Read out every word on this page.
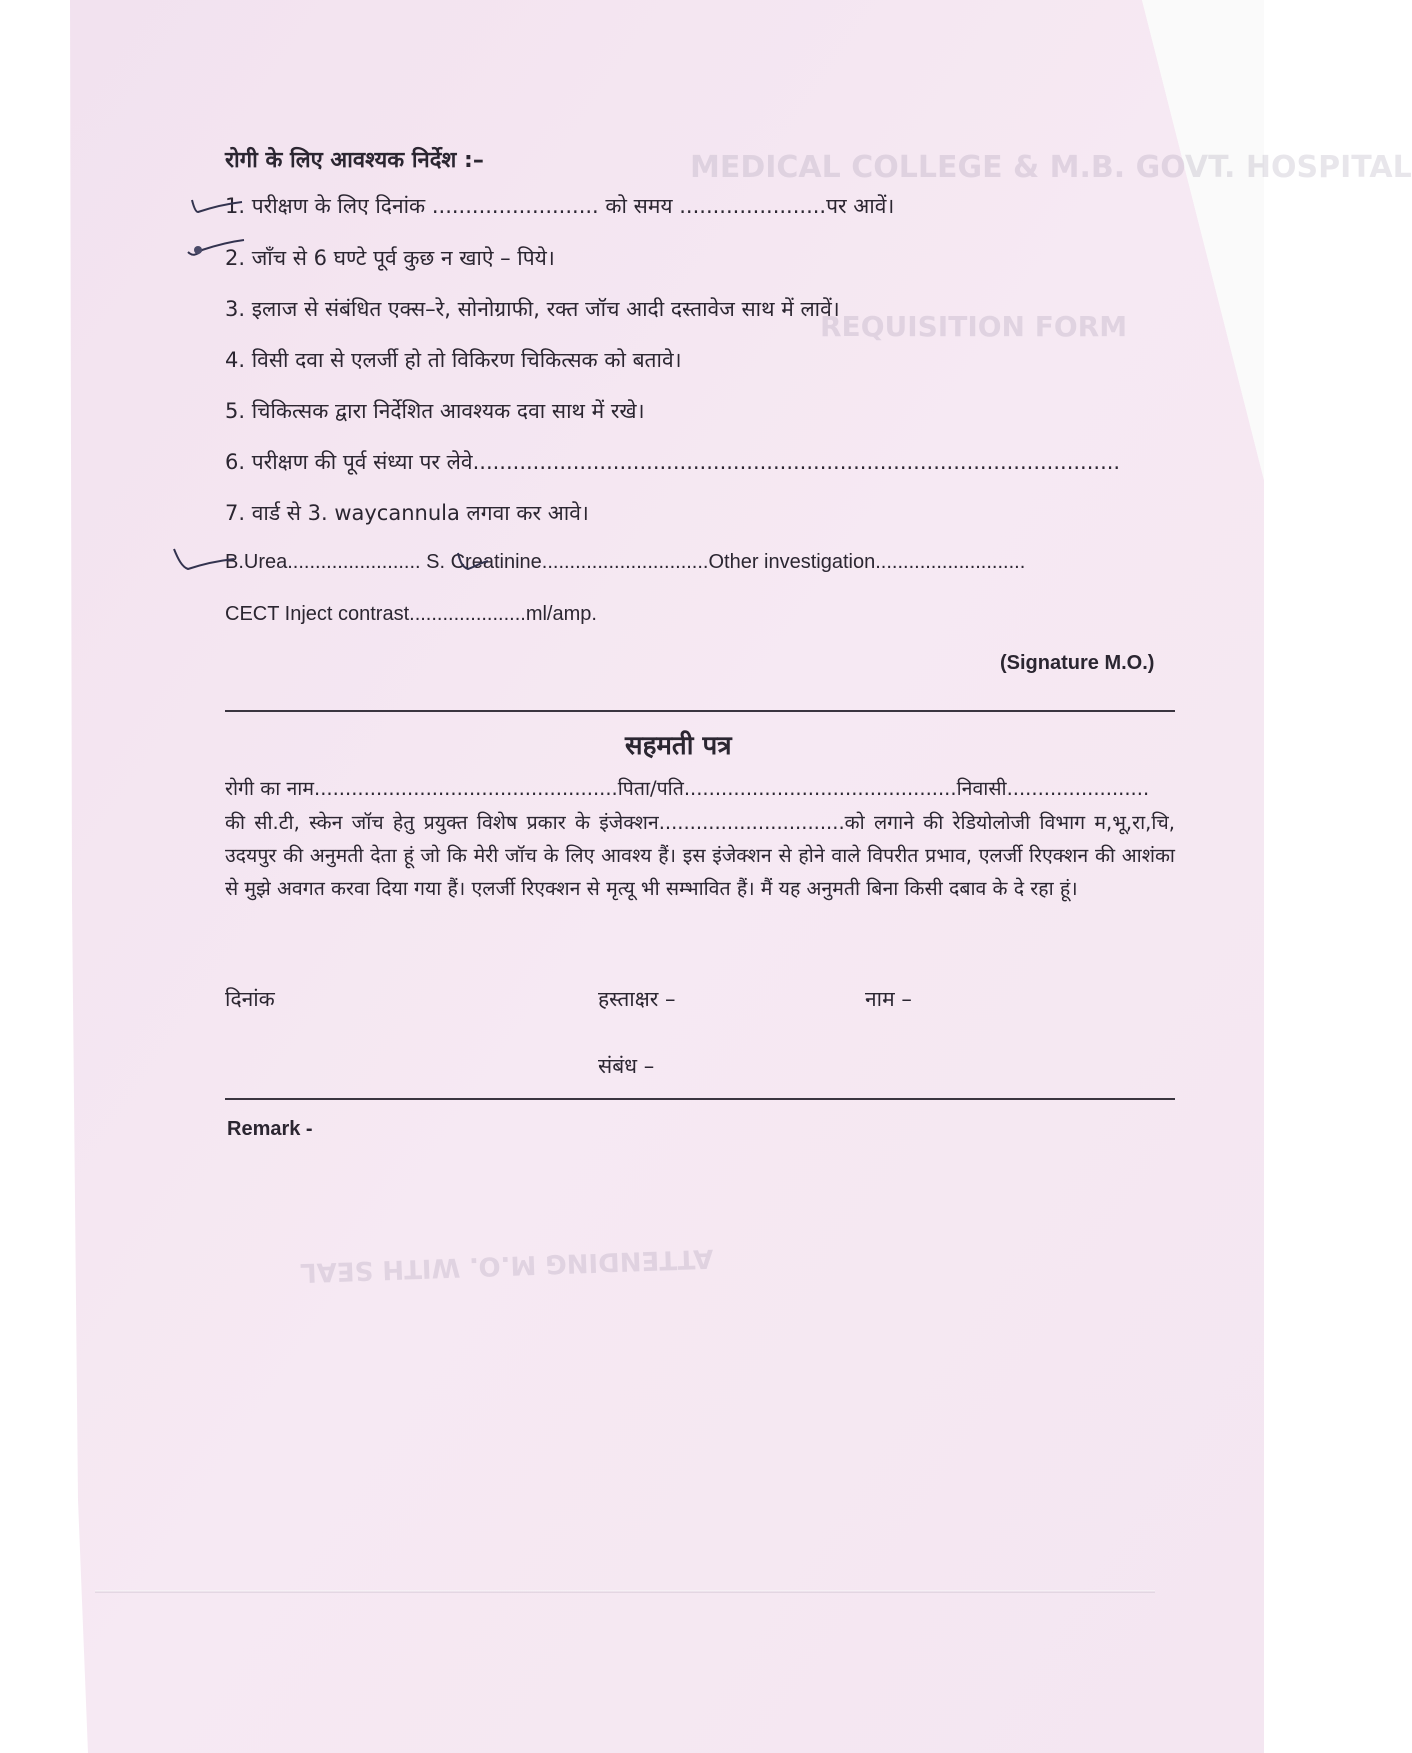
MEDICAL COLLEGE & M.B. GOVT. HOSPITAL
REQUISITION FORM
ATTENDING M.O. WITH SEAL
रोगी के लिए आवश्यक निर्देश :–
1. परीक्षण के लिए दिनांक ......................... को समय ......................पर आवें।
2. जाँच से 6 घण्टे पूर्व कुछ न खाऐ – पिये।
3. इलाज से संबंधित एक्स–रे, सोनोग्राफी, रक्त जॉच आदी दस्तावेज साथ में लावें।
4. विसी दवा से एलर्जी हो तो विकिरण चिकित्सक को बतावे।
5. चिकित्सक द्वारा निर्देशित आवश्यक दवा साथ में रखे।
6. परीक्षण की पूर्व संध्या पर लेवे.................................................................................................
7. वार्ड से 3. waycannula लगवा कर आवे।
B.Urea........................ S. Creatinine..............................Other investigation...........................
CECT Inject contrast.....................ml/amp.
(Signature M.O.)
सहमती पत्र
रोगी का नाम.................................................पिता/पति............................................निवासी.......................
की सी.टी, स्केन जॉच हेतु प्रयुक्त विशेष प्रकार के इंजेक्शन..............................को लगाने की रेडियोलोजी विभाग म,भू,रा,चि, उदयपुर की अनुमती देता हूं जो कि मेरी जॉच के लिए आवश्य हैं। इस इंजेक्शन से होने वाले विपरीत प्रभाव, एलर्जी रिएक्शन की आशंका से मुझे अवगत करवा दिया गया हैं। एलर्जी रिएक्शन से मृत्यू भी सम्भावित हैं। मैं यह अनुमती बिना किसी दबाव के दे रहा हूं।
दिनांक	हस्ताक्षर –	नाम –
संबंध –
Remark -
